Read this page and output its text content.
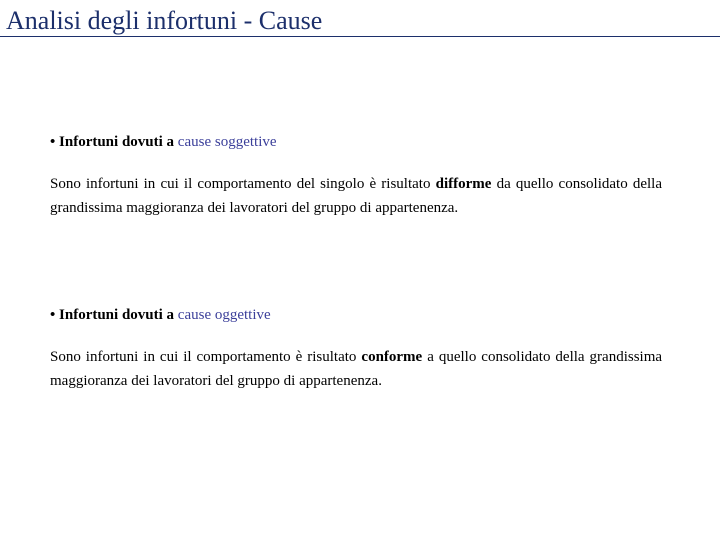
Analisi degli infortuni - Cause
• Infortuni dovuti a cause soggettive
Sono infortuni in cui il comportamento del singolo è risultato difforme da quello consolidato della grandissima maggioranza dei lavoratori del gruppo di appartenenza.
• Infortuni dovuti a cause oggettive
Sono infortuni in cui il comportamento è risultato conforme a quello consolidato della grandissima maggioranza dei lavoratori del gruppo di appartenenza.
